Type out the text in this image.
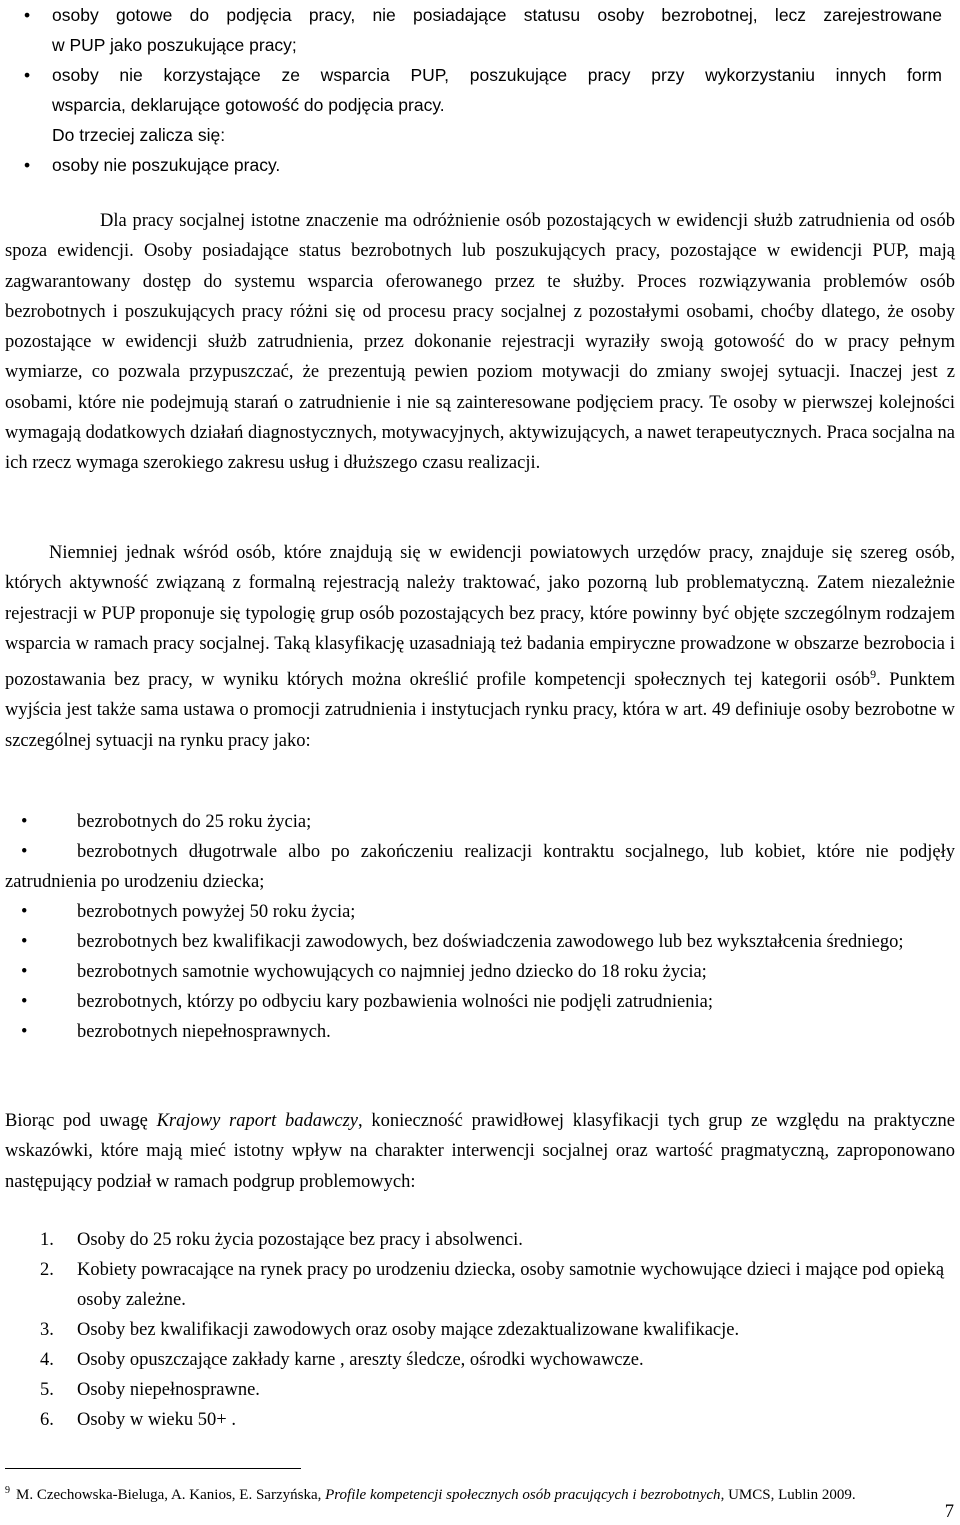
• osoby gotowe do podjęcia pracy, nie posiadające statusu osoby bezrobotnej, lecz zarejestrowane
w PUP jako poszukujące pracy;
• osoby nie korzystające ze wsparcia PUP, poszukujące pracy przy wykorzystaniu innych form
wsparcia, deklarujące gotowość do podjęcia pracy.
Do trzeciej zalicza się:
• osoby nie poszukujące pracy.
Dla pracy socjalnej istotne znaczenie ma odróżnienie osób pozostających w ewidencji służb zatrudnienia od osób spoza ewidencji. Osoby posiadające status bezrobotnych lub poszukujących pracy, pozostające w ewidencji PUP, mają zagwarantowany dostęp do systemu wsparcia oferowanego przez te służby. Proces rozwiązywania problemów osób bezrobotnych i poszukujących pracy różni się od procesu pracy socjalnej z pozostałymi osobami, choćby dlatego, że osoby pozostające w ewidencji służb zatrudnienia, przez dokonanie rejestracji wyraziły swoją gotowość do w pracy pełnym wymiarze, co pozwala przypuszczać, że prezentują pewien poziom motywacji do zmiany swojej sytuacji. Inaczej jest z osobami, które nie podejmują starań o zatrudnienie i nie są zainteresowane podjęciem pracy. Te osoby w pierwszej kolejności wymagają dodatkowych działań diagnostycznych, motywacyjnych, aktywizujących, a nawet terapeutycznych. Praca socjalna na ich rzecz wymaga szerokiego zakresu usług i dłuższego czasu realizacji.
Niemniej jednak wśród osób, które znajdują się w ewidencji powiatowych urzędów pracy, znajduje się szereg osób, których aktywność związaną z formalną rejestracją należy traktować, jako pozorną lub problematyczną. Zatem niezależnie rejestracji w PUP proponuje się typologię grup osób pozostających bez pracy, które powinny być objęte szczególnym rodzajem wsparcia w ramach pracy socjalnej. Taką klasyfikację uzasadniają też badania empiryczne prowadzone w obszarze bezrobocia i pozostawania bez pracy, w wyniku których można określić profile kompetencji społecznych tej kategorii osób$^9$. Punktem wyjścia jest także sama ustawa o promocji zatrudnienia i instytucjach rynku pracy, która w art. 49 definiuje osoby bezrobotne w szczególnej sytuacji na rynku pracy jako:

•	bezrobotnych do 25 roku życia;

•	bezrobotnych długotrwale albo po zakończeniu realizacji kontraktu socjalnego, lub kobiet, które nie podjęły zatrudnienia po urodzeniu dziecka;

•	bezrobotnych powyżej 50 roku życia;

•	bezrobotnych bez kwalifikacji zawodowych, bez doświadczenia zawodowego lub bez wykształcenia średniego;

•	bezrobotnych samotnie wychowujących co najmniej jedno dziecko do 18 roku życia;

•	bezrobotnych, którzy po odbyciu kary pozbawienia wolności nie podjęli zatrudnienia;

•	bezrobotnych niepełnosprawnych.

Biorąc pod uwagę Krajowy raport badawczy, konieczność prawidłowej klasyfikacji tych grup ze względu na praktyczne wskazówki, które mają mieć istotny wpływ na charakter interwencji socjalnej oraz wartość pragmatyczną, zaproponowano następujący podział w ramach podgrup problemowych:

1. Osoby do 25 roku życia pozostające bez pracy i absolwenci.

2. Kobiety powracające na rynek pracy po urodzeniu dziecka, osoby samotnie wychowujące dzieci i mające pod opieką osoby zależne.

3. Osoby bez kwalifikacji zawodowych oraz osoby mające zdezaktualizowane kwalifikacje.

4. Osoby opuszczające zakłady karne , areszty śledcze, ośrodki wychowawcze.

5. Osoby niepełnosprawne.

6. Osoby w wieku 50+ .

$^9$ M. Czechowska-Bieluga, A. Kanios, E. Sarzyńska, Profile kompetencji społecznych osób pracujących i bezrobotnych, UMCS, Lublin 2009.
7
